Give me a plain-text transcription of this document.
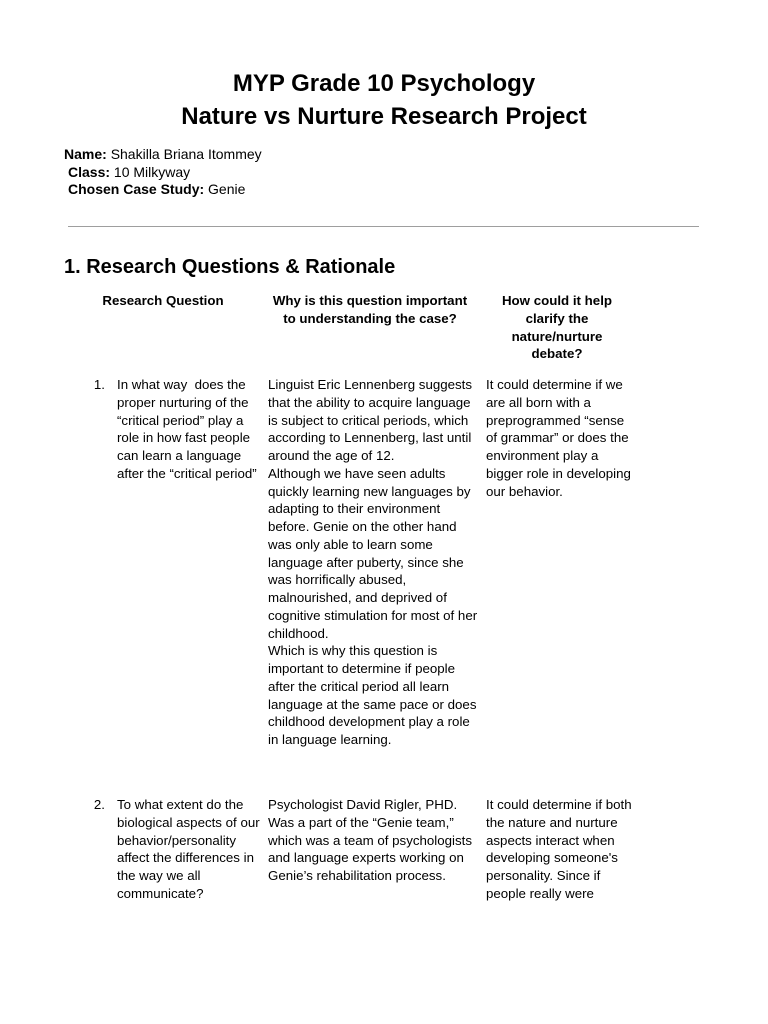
MYP Grade 10 Psychology
Nature vs Nurture Research Project
Name: Shakilla Briana Itommey
Class: 10 Milkyway
Chosen Case Study: Genie
1. Research Questions & Rationale
Research Question	Why is this question important to understanding the case?
How could it help clarify the nature/nurture debate?
1. In what way  does the proper nurturing of the “critical period” play a role in how fast people can learn a language after the “critical period”
Linguist Eric Lennenberg suggests that the ability to acquire language is subject to critical periods, which according to Lennenberg, last until around the age of 12.
Although we have seen adults quickly learning new languages by adapting to their environment before. Genie on the other hand was only able to learn some language after puberty, since she was horrifically abused, malnourished, and deprived of cognitive stimulation for most of her childhood.
Which is why this question is important to determine if people after the critical period all learn language at the same pace or does childhood development play a role in language learning.
It could determine if we are all born with a preprogrammed “sense of grammar” or does the environment play a bigger role in developing our behavior.
2. To what extent do the biological aspects of our behavior/personality affect the differences in the way we all communicate?
Psychologist David Rigler, PHD. Was a part of the “Genie team,” which was a team of psychologists and language experts working on Genie’s rehabilitation process.
It could determine if both the nature and nurture aspects interact when developing someone's personality. Since if people really were
